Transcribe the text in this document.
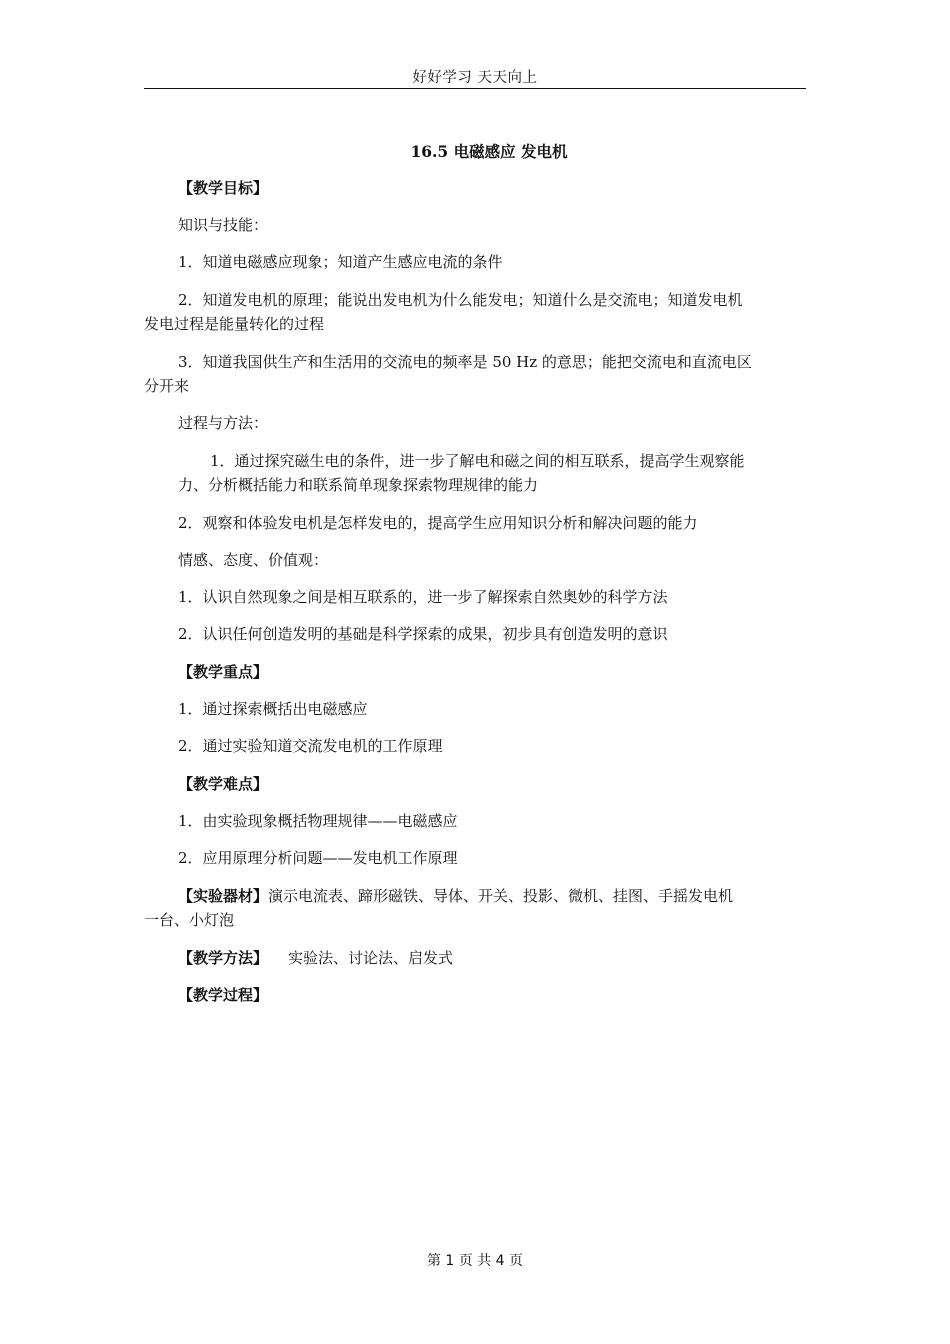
好好学习 天天向上
16.5 电磁感应 发电机
【教学目标】
知识与技能：
1．知道电磁感应现象；知道产生感应电流的条件
2．知道发电机的原理；能说出发电机为什么能发电；知道什么是交流电；知道发电机
发电过程是能量转化的过程
3．知道我国供生产和生活用的交流电的频率是 50 Hz 的意思；能把交流电和直流电区
分开来
过程与方法：
1．通过探究磁生电的条件，进一步了解电和磁之间的相互联系，提高学生观察能
力、分析概括能力和联系简单现象探索物理规律的能力
2．观察和体验发电机是怎样发电的，提高学生应用知识分析和解决问题的能力
情感、态度、价值观：
1．认识自然现象之间是相互联系的，进一步了解探索自然奥妙的科学方法
2．认识任何创造发明的基础是科学探索的成果，初步具有创造发明的意识
【教学重点】
1．通过探索概括出电磁感应
2．通过实验知道交流发电机的工作原理
【教学难点】
1．由实验现象概括物理规律——电磁感应
2．应用原理分析问题——发电机工作原理
【实验器材】演示电流表、蹄形磁铁、导体、开关、投影、微机、挂图、手摇发电机
一台、小灯泡
【教学方法】 实验法、讨论法、启发式
【教学过程】
第 1 页 共 4 页
